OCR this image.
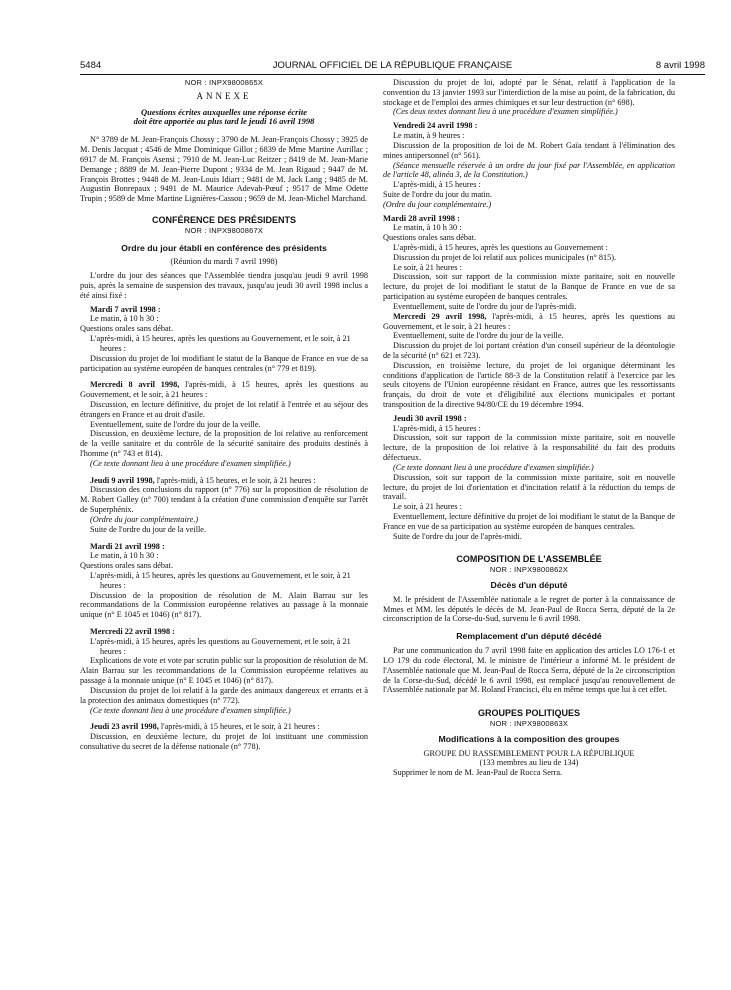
5484	JOURNAL OFFICIEL DE LA RÉPUBLIQUE FRANÇAISE	8 avril 1998
NOR : INPX9800865X
ANNEXE
Questions écrites auxquelles une réponse écrite
doit être apportée au plus tard le jeudi 16 avril 1998

N° 3789 de M. Jean-François Chossy ; 3790 de M. Jean-François Chossy ; 3925 de M. Denis Jacquat ; 4546 de Mme Dominique Gillot ; 6839 de Mme Martine Aurillac ; 6917 de M. François Asensi ; 7910 de M. Jean-Luc Reitzer ; 8419 de M. Jean-Marie Demange ; 8889 de M. Jean-Pierre Dupont ; 9334 de M. Jean Rigaud ; 9447 de M. François Brottes ; 9448 de M. Jean-Louis Idiart ; 9481 de M. Jack Lang ; 9485 de M. Augustin Bonrepaux ; 9491 de M. Maurice Adevah-Pœuf ; 9517 de Mme Odette Trupin ; 9589 de Mme Martine Lignières-Cassou ; 9659 de M. Jean-Michel Marchand.

CONFÉRENCE DES PRÉSIDENTS
NOR : INPX9800867X
Ordre du jour établi en conférence des présidents
(Réunion du mardi 7 avril 1998)

L'ordre du jour des séances que l'Assemblée tiendra jusqu'au jeudi 9 avril 1998 puis, après la semaine de suspension des travaux, jusqu'au jeudi 30 avril 1998 inclus a été ainsi fixé :

Mardi 7 avril 1998 :
Le matin, à 10 h 30 :
Questions orales sans débat.
L'après-midi, à 15 heures, après les questions au Gouvernement, et le soir, à 21 heures :

Discussion du projet de loi modifiant le statut de la Banque de France en vue de sa participation au système européen de banques centrales (n° 779 et 819).

Mercredi 8 avril 1998, l'après-midi, à 15 heures, après les questions au Gouvernement, et le soir, à 21 heures :

Discussion, en lecture définitive, du projet de loi relatif à l'entrée et au séjour des étrangers en France et au droit d'asile.

Eventuellement, suite de l'ordre du jour de la veille.

Discussion, en deuxième lecture, de la proposition de loi relative au renforcement de la veille sanitaire et du contrôle de la sécurité sanitaire des produits destinés à l'homme (n° 743 et 814).

(Ce texte donnant lieu à une procédure d'examen simplifiée.)

Jeudi 9 avril 1998, l'après-midi, à 15 heures, et le soir, à 21 heures :

Discussion des conclusions du rapport (n° 776) sur la proposition de résolution de M. Robert Galley (n° 700) tendant à la création d'une commission d'enquête sur l'arrêt de Superphénix.

(Ordre du jour complémentaire.)

Suite de l'ordre du jour de la veille.

Mardi 21 avril 1998 :
Le matin, à 10 h 30 :
Questions orales sans débat.
L'après-midi, à 15 heures, après les questions au Gouvernement, et le soir, à 21 heures :

Discussion de la proposition de résolution de M. Alain Barrau sur les recommandations de la Commission européenne relatives au passage à la monnaie unique (n° E 1045 et 1046) (n° 817).

Mercredi 22 avril 1998 :
L'après-midi, à 15 heures, après les questions au Gouvernement, et le soir, à 21 heures :

Explications de vote et vote par scrutin public sur la proposition de résolution de M. Alain Barrau sur les recommandations de la Commission européenne relatives au passage à la monnaie unique (n° E 1045 et 1046) (n° 817).

Discussion du projet de loi relatif à la garde des animaux dangereux et errants et à la protection des animaux domestiques (n° 772).

(Ce texte donnant lieu à une procédure d'examen simplifiée.)

Jeudi 23 avril 1998, l'après-midi, à 15 heures, et le soir, à 21 heures :

Discussion, en deuxième lecture, du projet de loi instituant une commission consultative du secret de la défense nationale (n° 778).

Discussion du projet de loi, adopté par le Sénat, relatif à l'application de la convention du 13 janvier 1993 sur l'interdiction de la mise au point, de la fabrication, du stockage et de l'emploi des armes chimiques et sur leur destruction (n° 698).

(Ces deux textes donnant lieu à une procédure d'examen simplifiée.)

Vendredi 24 avril 1998 :
Le matin, à 9 heures :

Discussion de la proposition de loi de M. Robert Gaïa tendant à l'élimination des mines antipersonnel (n° 561).

(Séance mensuelle réservée à un ordre du jour fixé par l'Assemblée, en application de l'article 48, alinéa 3, de la Constitution.)

L'après-midi, à 15 heures :
Suite de l'ordre du jour du matin.
(Ordre du jour complémentaire.)
Mardi 28 avril 1998 :
Le matin, à 10 h 30 :
Questions orales sans débat.
L'après-midi, à 15 heures, après les questions au Gouvernement :

Discussion du projet de loi relatif aux polices municipales (n° 815).

Le soir, à 21 heures :

Discussion, soit sur rapport de la commission mixte paritaire, soit en nouvelle lecture, du projet de loi modifiant le statut de la Banque de France en vue de sa participation au système européen de banques centrales.

Eventuellement, suite de l'ordre du jour de l'après-midi.

Mercredi 29 avril 1998, l'après-midi, à 15 heures, après les questions au Gouvernement, et le soir, à 21 heures :

Eventuellement, suite de l'ordre du jour de la veille.

Discussion du projet de loi portant création d'un conseil supérieur de la déontologie de la sécurité (n° 621 et 723).

Discussion, en troisième lecture, du projet de loi organique déterminant les conditions d'application de l'article 88-3 de la Constitution relatif à l'exercice par les seuls citoyens de l'Union européenne résidant en France, autres que les ressortissants français, du droit de vote et d'éligibilité aux élections municipales et portant transposition de la directive 94/80/CE du 19 décembre 1994.

Jeudi 30 avril 1998 :
L'après-midi, à 15 heures :

Discussion, soit sur rapport de la commission mixte paritaire, soit en nouvelle lecture, de la proposition de loi relative à la responsabilité du fait des produits défectueux.

(Ce texte donnant lieu à une procédure d'examen simplifiée.)

Discussion, soit sur rapport de la commission mixte paritaire, soit en nouvelle lecture, du projet de loi d'orientation et d'incitation relatif à la réduction du temps de travail.

Le soir, à 21 heures :

Eventuellement, lecture définitive du projet de loi modifiant le statut de la Banque de France en vue de sa participation au système européen de banques centrales.

Suite de l'ordre du jour de l'après-midi.

COMPOSITION DE L'ASSEMBLÉE
NOR : INPX9800862X
Décès d'un député

M. le président de l'Assemblée nationale a le regret de porter à la connaissance de Mmes et MM. les députés le décès de M. Jean-Paul de Rocca Serra, député de la 2e circonscription de la Corse-du-Sud, survenu le 6 avril 1998.

Remplacement d'un député décédé

Par une communication du 7 avril 1998 faite en application des articles LO 176-1 et LO 179 du code électoral, M. le ministre de l'intérieur a informé M. le président de l'Assemblée nationale que M. Jean-Paul de Rocca Serra, député de la 2e circonscription de la Corse-du-Sud, décédé le 6 avril 1998, est remplacé jusqu'au renouvellement de l'Assemblée nationale par M. Roland Francisci, élu en même temps que lui à cet effet.

GROUPES POLITIQUES
NOR : INPX9800863X
Modifications à la composition des groupes
GROUPE DU RASSEMBLEMENT POUR LA RÉPUBLIQUE
(133 membres au lieu de 134)

Supprimer le nom de M. Jean-Paul de Rocca Serra.
